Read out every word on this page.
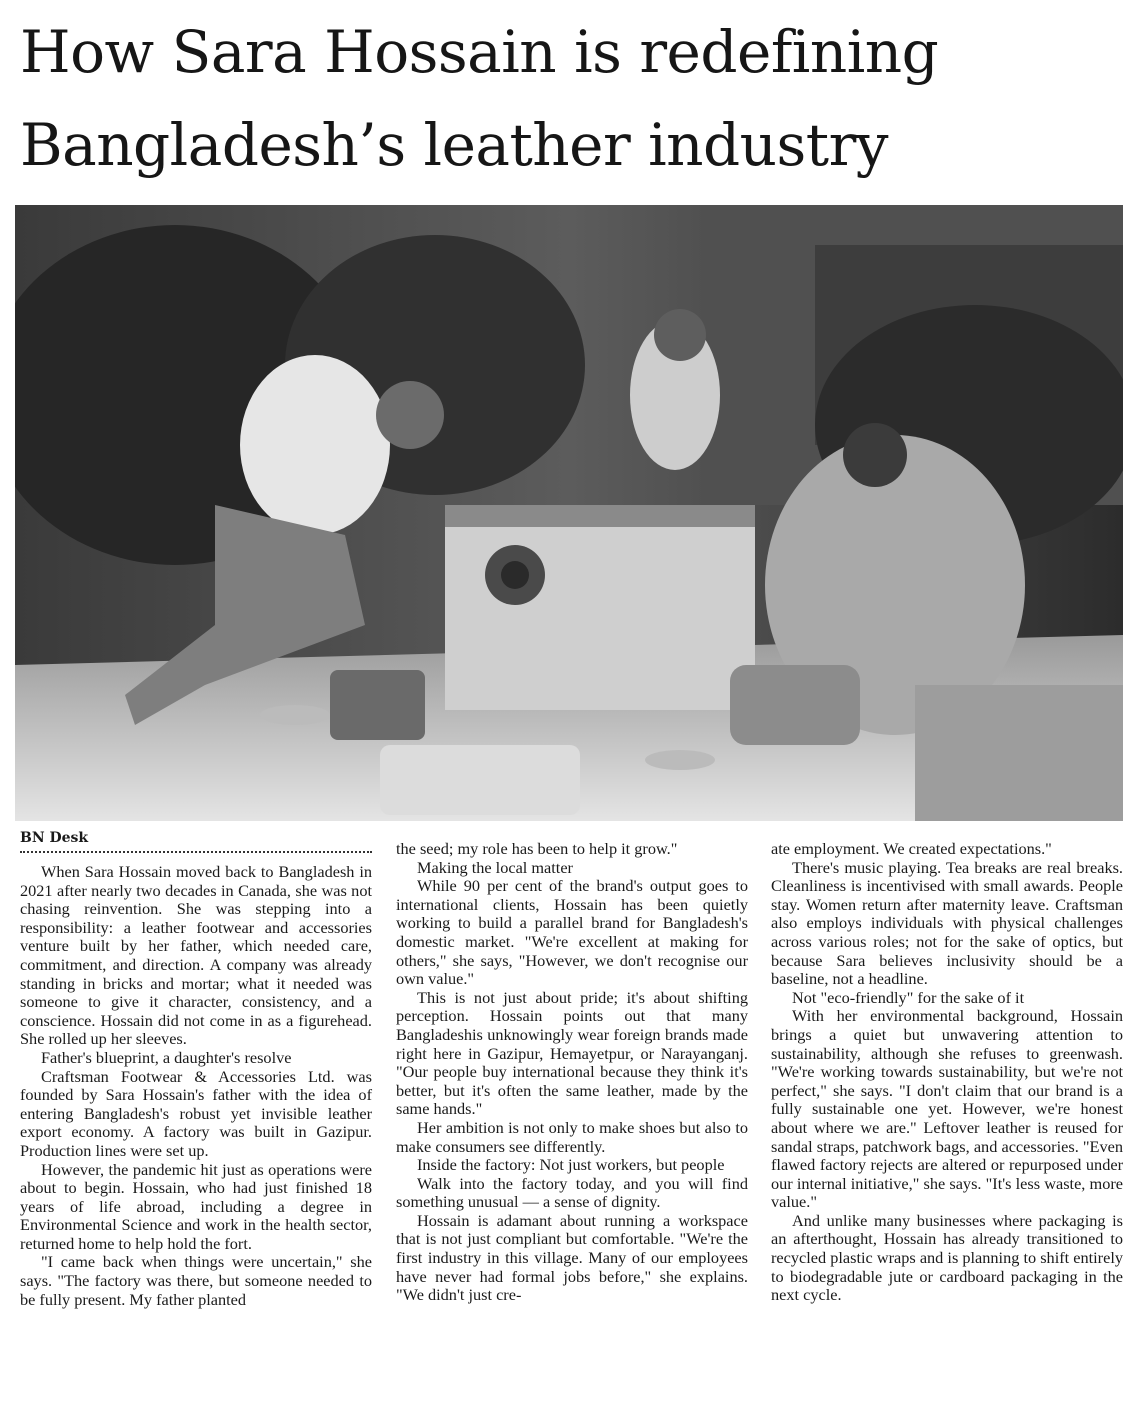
How Sara Hossain is redefining
Bangladesh’s leather industry
BN Desk

When Sara Hossain moved back to Bangladesh in 2021 after nearly two decades in Canada, she was not chasing reinvention. She was stepping into a responsibility: a leather footwear and accessories venture built by her father, which needed care, commitment, and direction. A company was already standing in bricks and mortar; what it needed was someone to give it character, consistency, and a conscience. Hossain did not come in as a figurehead. She rolled up her sleeves.

Father's blueprint, a daughter's resolve

Craftsman Footwear & Accessories Ltd. was founded by Sara Hossain's father with the idea of entering Bangladesh's robust yet invisible leather export economy. A factory was built in Gazipur. Production lines were set up.

However, the pandemic hit just as operations were about to begin. Hossain, who had just finished 18 years of life abroad, including a degree in Environmental Science and work in the health sector, returned home to help hold the fort.

"I came back when things were uncertain," she says. "The factory was there, but someone needed to be fully present. My father planted

the seed; my role has been to help it grow."

Making the local matter

While 90 per cent of the brand's output goes to international clients, Hossain has been quietly working to build a parallel brand for Bangladesh's domestic market. "We're excellent at making for others," she says, "However, we don't recognise our own value."

This is not just about pride; it's about shifting perception. Hossain points out that many Bangladeshis unknowingly wear foreign brands made right here in Gazipur, Hemayetpur, or Narayanganj. "Our people buy international because they think it's better, but it's often the same leather, made by the same hands."

Her ambition is not only to make shoes but also to make consumers see differently.

Inside the factory: Not just workers, but people

Walk into the factory today, and you will find something unusual — a sense of dignity.

Hossain is adamant about running a workspace that is not just compliant but comfortable. "We're the first industry in this village. Many of our employees have never had formal jobs before," she explains. "We didn't just cre-

ate employment. We created expectations."

There's music playing. Tea breaks are real breaks. Cleanliness is incentivised with small awards. People stay. Women return after maternity leave. Craftsman also employs individuals with physical challenges across various roles; not for the sake of optics, but because Sara believes inclusivity should be a baseline, not a headline.

Not "eco-friendly" for the sake of it

With her environmental background, Hossain brings a quiet but unwavering attention to sustainability, although she refuses to greenwash. "We're working towards sustainability, but we're not perfect," she says. "I don't claim that our brand is a fully sustainable one yet. However, we're honest about where we are." Leftover leather is reused for sandal straps, patchwork bags, and accessories. "Even flawed factory rejects are altered or repurposed under our internal initiative," she says. "It's less waste, more value."

And unlike many businesses where packaging is an afterthought, Hossain has already transitioned to recycled plastic wraps and is planning to shift entirely to biodegradable jute or cardboard packaging in the next cycle.
